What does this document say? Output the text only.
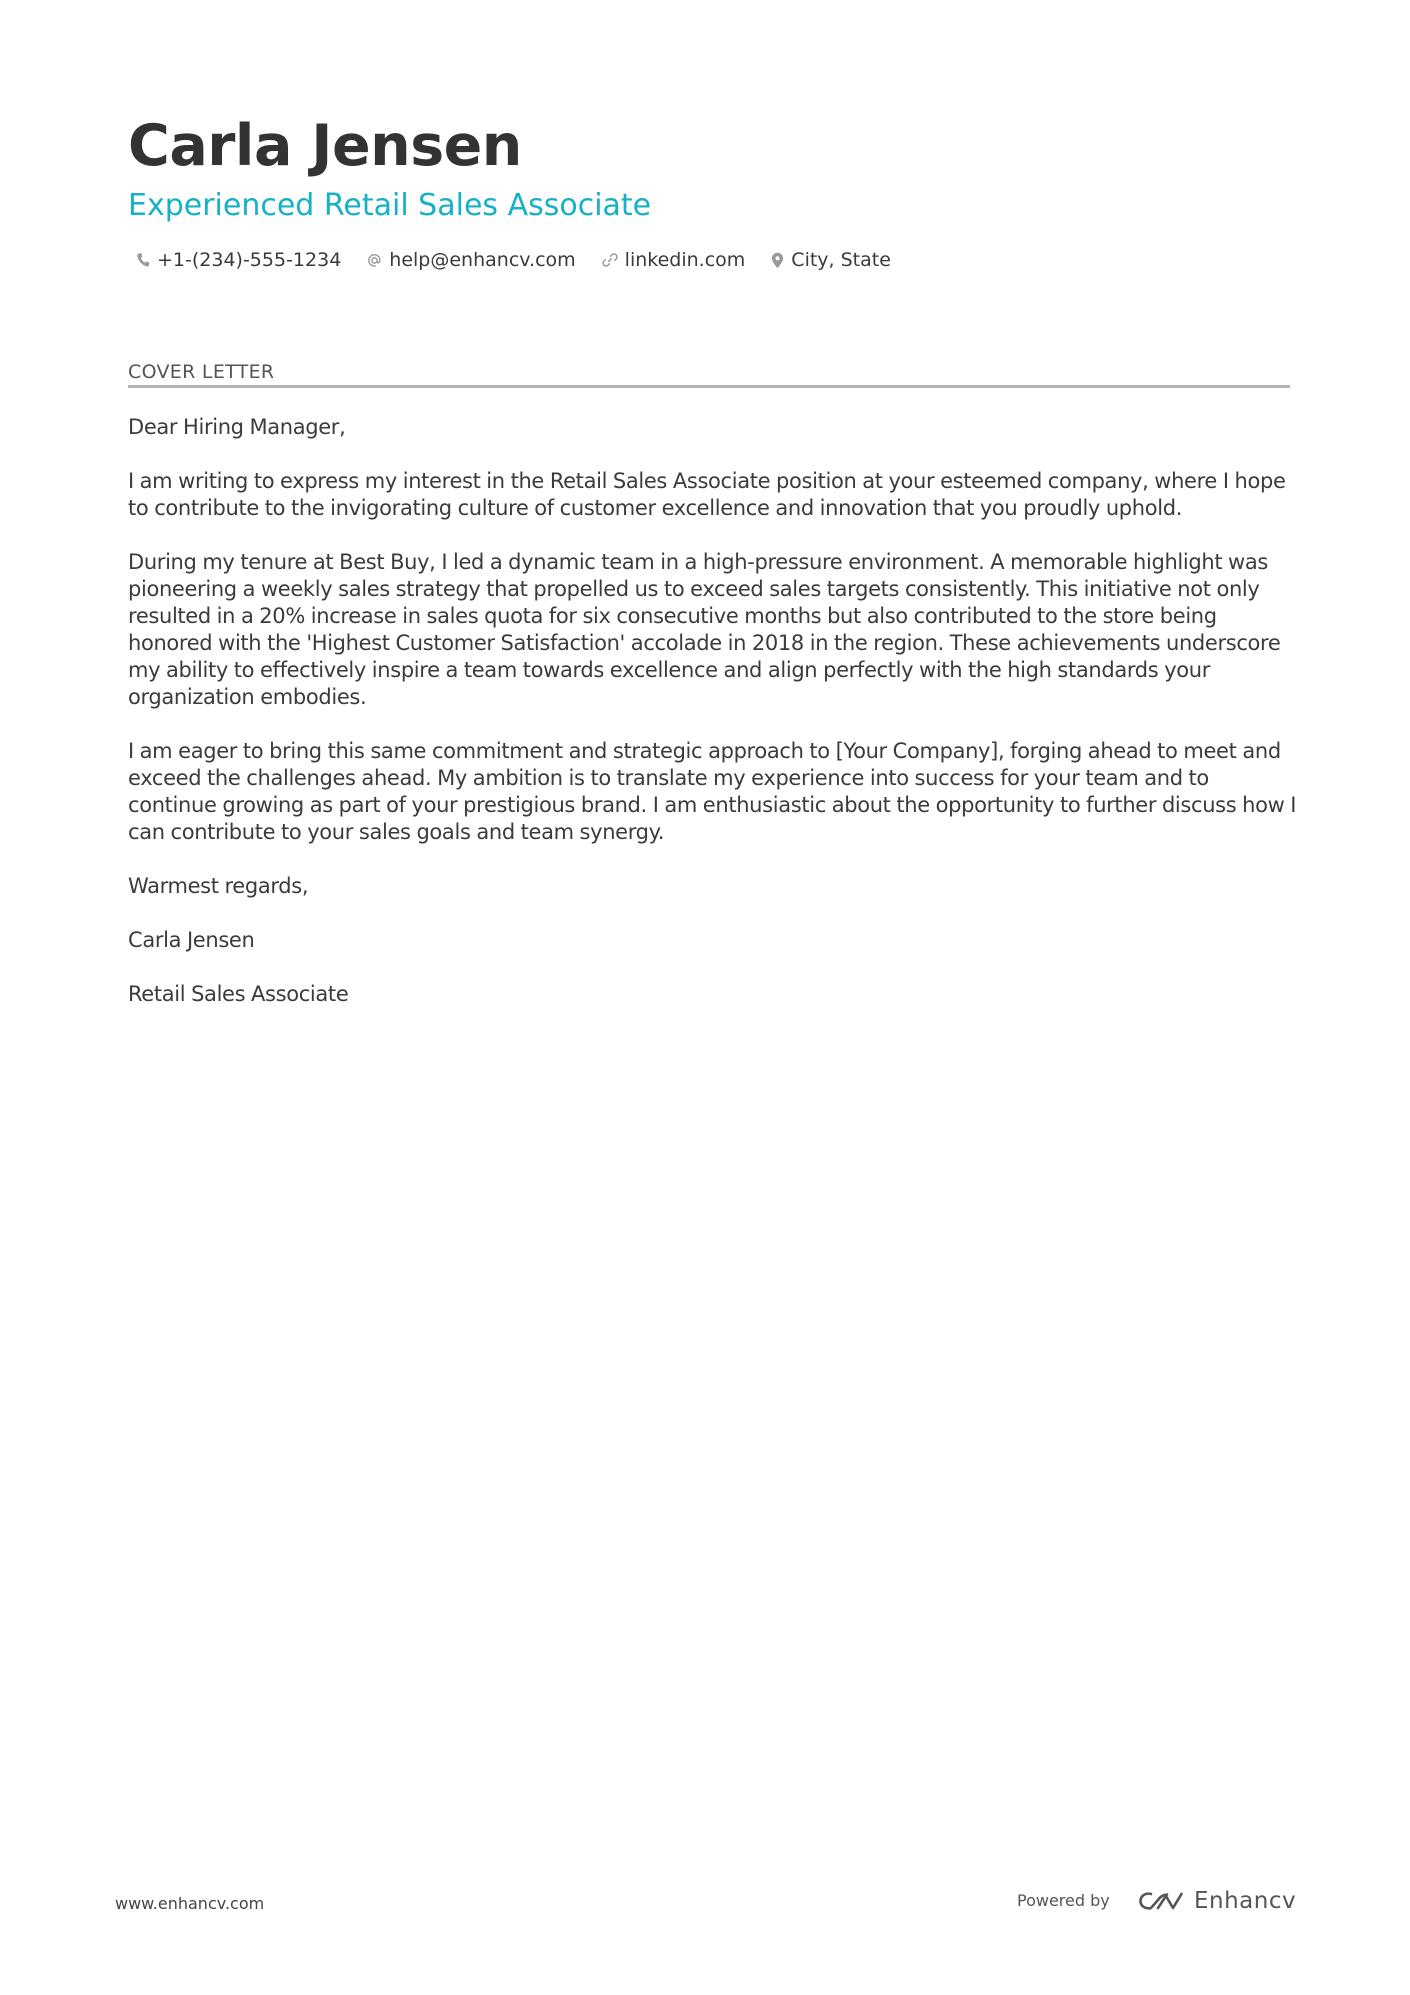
Carla Jensen
Experienced Retail Sales Associate
+1-(234)-555-1234	help@enhancv.com	linkedin.com City, State
COVER LETTER

Dear Hiring Manager,

I am writing to express my interest in the Retail Sales Associate position at your esteemed company, where I hope to contribute to the invigorating culture of customer excellence and innovation that you proudly uphold.

During my tenure at Best Buy, I led a dynamic team in a high-pressure environment. A memorable highlight was pioneering a weekly sales strategy that propelled us to exceed sales targets consistently. This initiative not only resulted in a 20% increase in sales quota for six consecutive months but also contributed to the store being honored with the 'Highest Customer Satisfaction' accolade in 2018 in the region. These achievements underscore my ability to effectively inspire a team towards excellence and align perfectly with the high standards your organization embodies.

I am eager to bring this same commitment and strategic approach to [Your Company], forging ahead to meet and exceed the challenges ahead. My ambition is to translate my experience into success for your team and to continue growing as part of your prestigious brand. I am enthusiastic about the opportunity to further discuss how I can contribute to your sales goals and team synergy.

Warmest regards,

Carla Jensen

Retail Sales Associate

www.enhancv.com	Powered by	Enhancv
